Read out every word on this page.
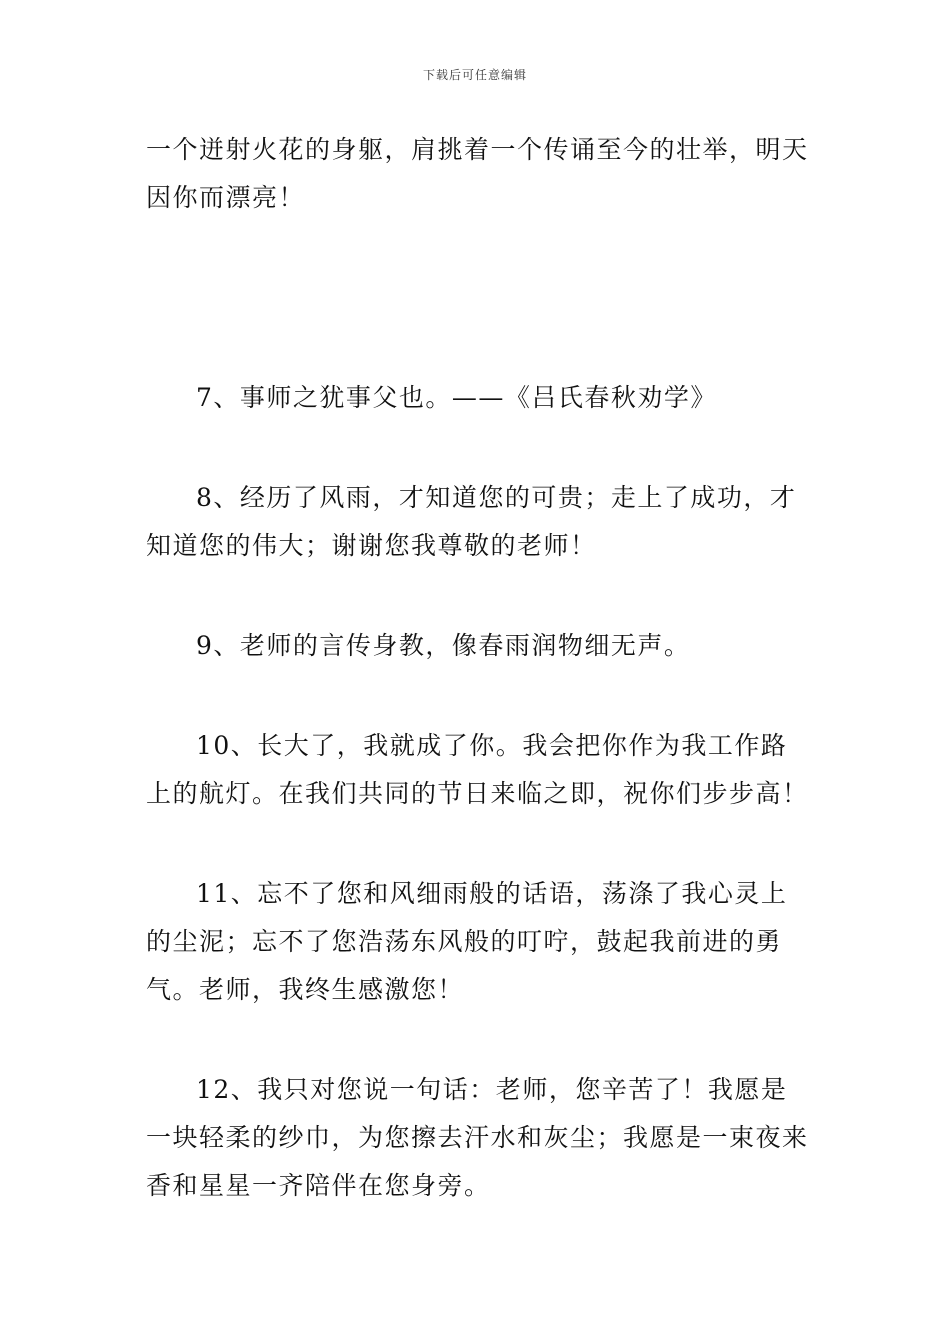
下载后可任意编辑

一个迸射火花的身躯，肩挑着一个传诵至今的壮举，明天因你而漂亮！

7、事师之犹事父也。——《吕氏春秋劝学》

8、经历了风雨，才知道您的可贵；走上了成功，才知道您的伟大；谢谢您我尊敬的老师！

9、老师的言传身教，像春雨润物细无声。

10、长大了，我就成了你。我会把你作为我工作路上的航灯。在我们共同的节日来临之即，祝你们步步高！

11、忘不了您和风细雨般的话语，荡涤了我心灵上的尘泥；忘不了您浩荡东风般的叮咛，鼓起我前进的勇气。老师，我终生感激您！

12、我只对您说一句话：老师，您辛苦了！我愿是一块轻柔的纱巾，为您擦去汗水和灰尘；我愿是一束夜来香和星星一齐陪伴在您身旁。
